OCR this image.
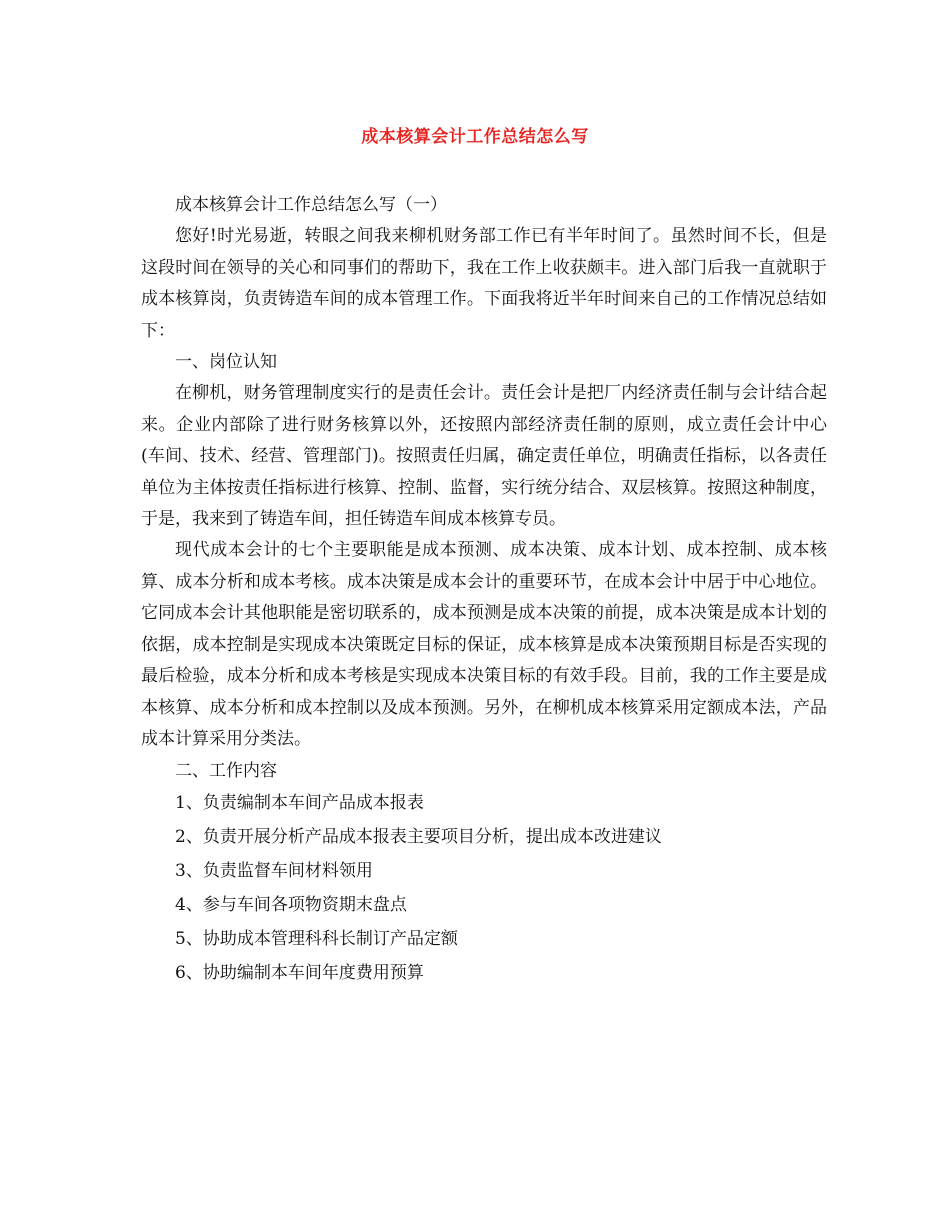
成本核算会计工作总结怎么写

成本核算会计工作总结怎么写（一）

您好!时光易逝，转眼之间我来柳机财务部工作已有半年时间了。虽然时间不长，但是这段时间在领导的关心和同事们的帮助下，我在工作上收获颇丰。进入部门后我一直就职于成本核算岗，负责铸造车间的成本管理工作。下面我将近半年时间来自己的工作情况总结如下：

一、岗位认知

在柳机，财务管理制度实行的是责任会计。责任会计是把厂内经济责任制与会计结合起来。企业内部除了进行财务核算以外，还按照内部经济责任制的原则，成立责任会计中心(车间、技术、经营、管理部门)。按照责任归属，确定责任单位，明确责任指标，以各责任单位为主体按责任指标进行核算、控制、监督，实行统分结合、双层核算。按照这种制度，于是，我来到了铸造车间，担任铸造车间成本核算专员。

现代成本会计的七个主要职能是成本预测、成本决策、成本计划、成本控制、成本核算、成本分析和成本考核。成本决策是成本会计的重要环节，在成本会计中居于中心地位。它同成本会计其他职能是密切联系的，成本预测是成本决策的前提，成本决策是成本计划的依据，成本控制是实现成本决策既定目标的保证，成本核算是成本决策预期目标是否实现的最后检验，成本分析和成本考核是实现成本决策目标的有效手段。目前，我的工作主要是成本核算、成本分析和成本控制以及成本预测。另外，在柳机成本核算采用定额成本法，产品成本计算采用分类法。

二、工作内容

1、负责编制本车间产品成本报表

2、负责开展分析产品成本报表主要项目分析，提出成本改进建议

3、负责监督车间材料领用

4、参与车间各项物资期末盘点

5、协助成本管理科科长制订产品定额

6、协助编制本车间年度费用预算
